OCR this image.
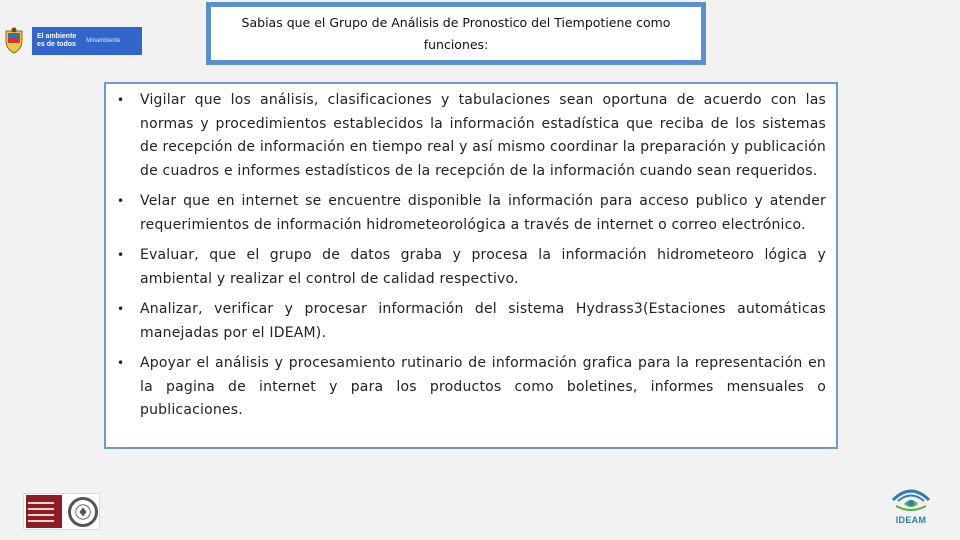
El ambiente
es de todos Minambiente
Sabias que el Grupo de Análisis de Pronostico del Tiempotiene como funciones:
•	Vigilar que los análisis, clasificaciones y tabulaciones sean oportuna de acuerdo con las normas y procedimientos establecidos la información estadística que reciba de los sistemas de recepción de información en tiempo real y así mismo coordinar la preparación y publicación de cuadros e informes estadísticos de la recepción de la información cuando sean requeridos.
•	Velar que en internet se encuentre disponible la información para acceso publico y atender requerimientos de información hidrometeorológica a través de internet o correo electrónico.
•	Evaluar, que el grupo de datos graba y procesa la información hidrometeoro lógica y ambiental y realizar el control de calidad respectivo.
•	Analizar, verificar y procesar información del sistema Hydrass3(Estaciones automáticas manejadas por el IDEAM).
•	Apoyar el análisis y procesamiento rutinario de información grafica para la representación en la pagina de internet y para los productos como boletines, informes mensuales o publicaciones.
IDEAM
